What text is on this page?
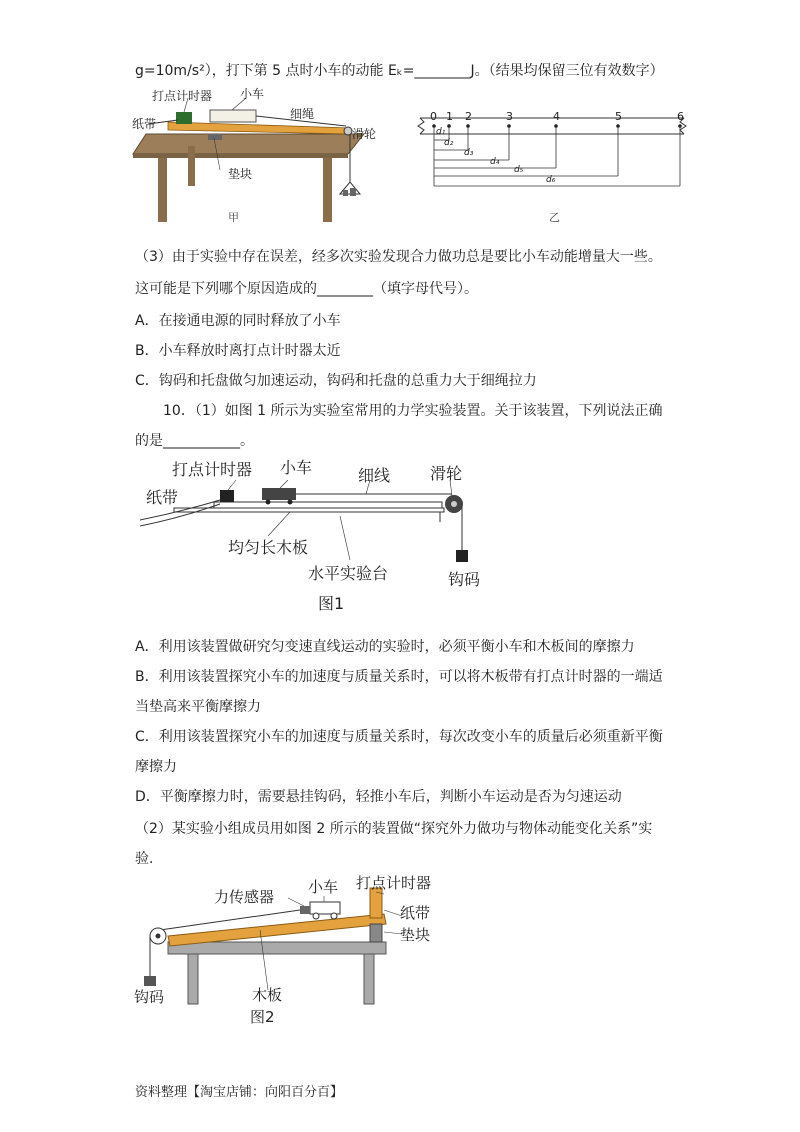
g=10m/s²），打下第 5 点时小车的动能 Eₖ=________J。（结果均保留三位有效数字）
打点计时器 小车
细绳
纸带
滑轮
垫块
甲
0 1 2	3	4	5	6
d₁
d₂
d₃
d₄
d₅
d₆
乙
（3）由于实验中存在误差，经多次实验发现合力做功总是要比小车动能增量大一些。
这可能是下列哪个原因造成的________（填字母代号）。
A．在接通电源的同时释放了小车
B．小车释放时离打点计时器太近
C．钩码和托盘做匀加速运动，钩码和托盘的总重力大于细绳拉力
10．（1）如图 1 所示为实验室常用的力学实验装置。关于该装置，下列说法正确
的是___________。
打点计时器 小车	细线 滑轮
纸带
均匀长木板
水平实验台	钩码
图1
A．利用该装置做研究匀变速直线运动的实验时，必须平衡小车和木板间的摩擦力
B．利用该装置探究小车的加速度与质量关系时，可以将木板带有打点计时器的一端适
当垫高来平衡摩擦力
C．利用该装置探究小车的加速度与质量关系时，每次改变小车的质量后必须重新平衡
摩擦力
D．平衡摩擦力时，需要悬挂钩码，轻推小车后，判断小车运动是否为匀速运动
（2）某实验小组成员用如图 2 所示的装置做“探究外力做功与物体动能变化关系”实
验.
力传感器
小车 打点计时器
纸带
垫块
钩码	木板
图2
资料整理【淘宝店铺：向阳百分百】
